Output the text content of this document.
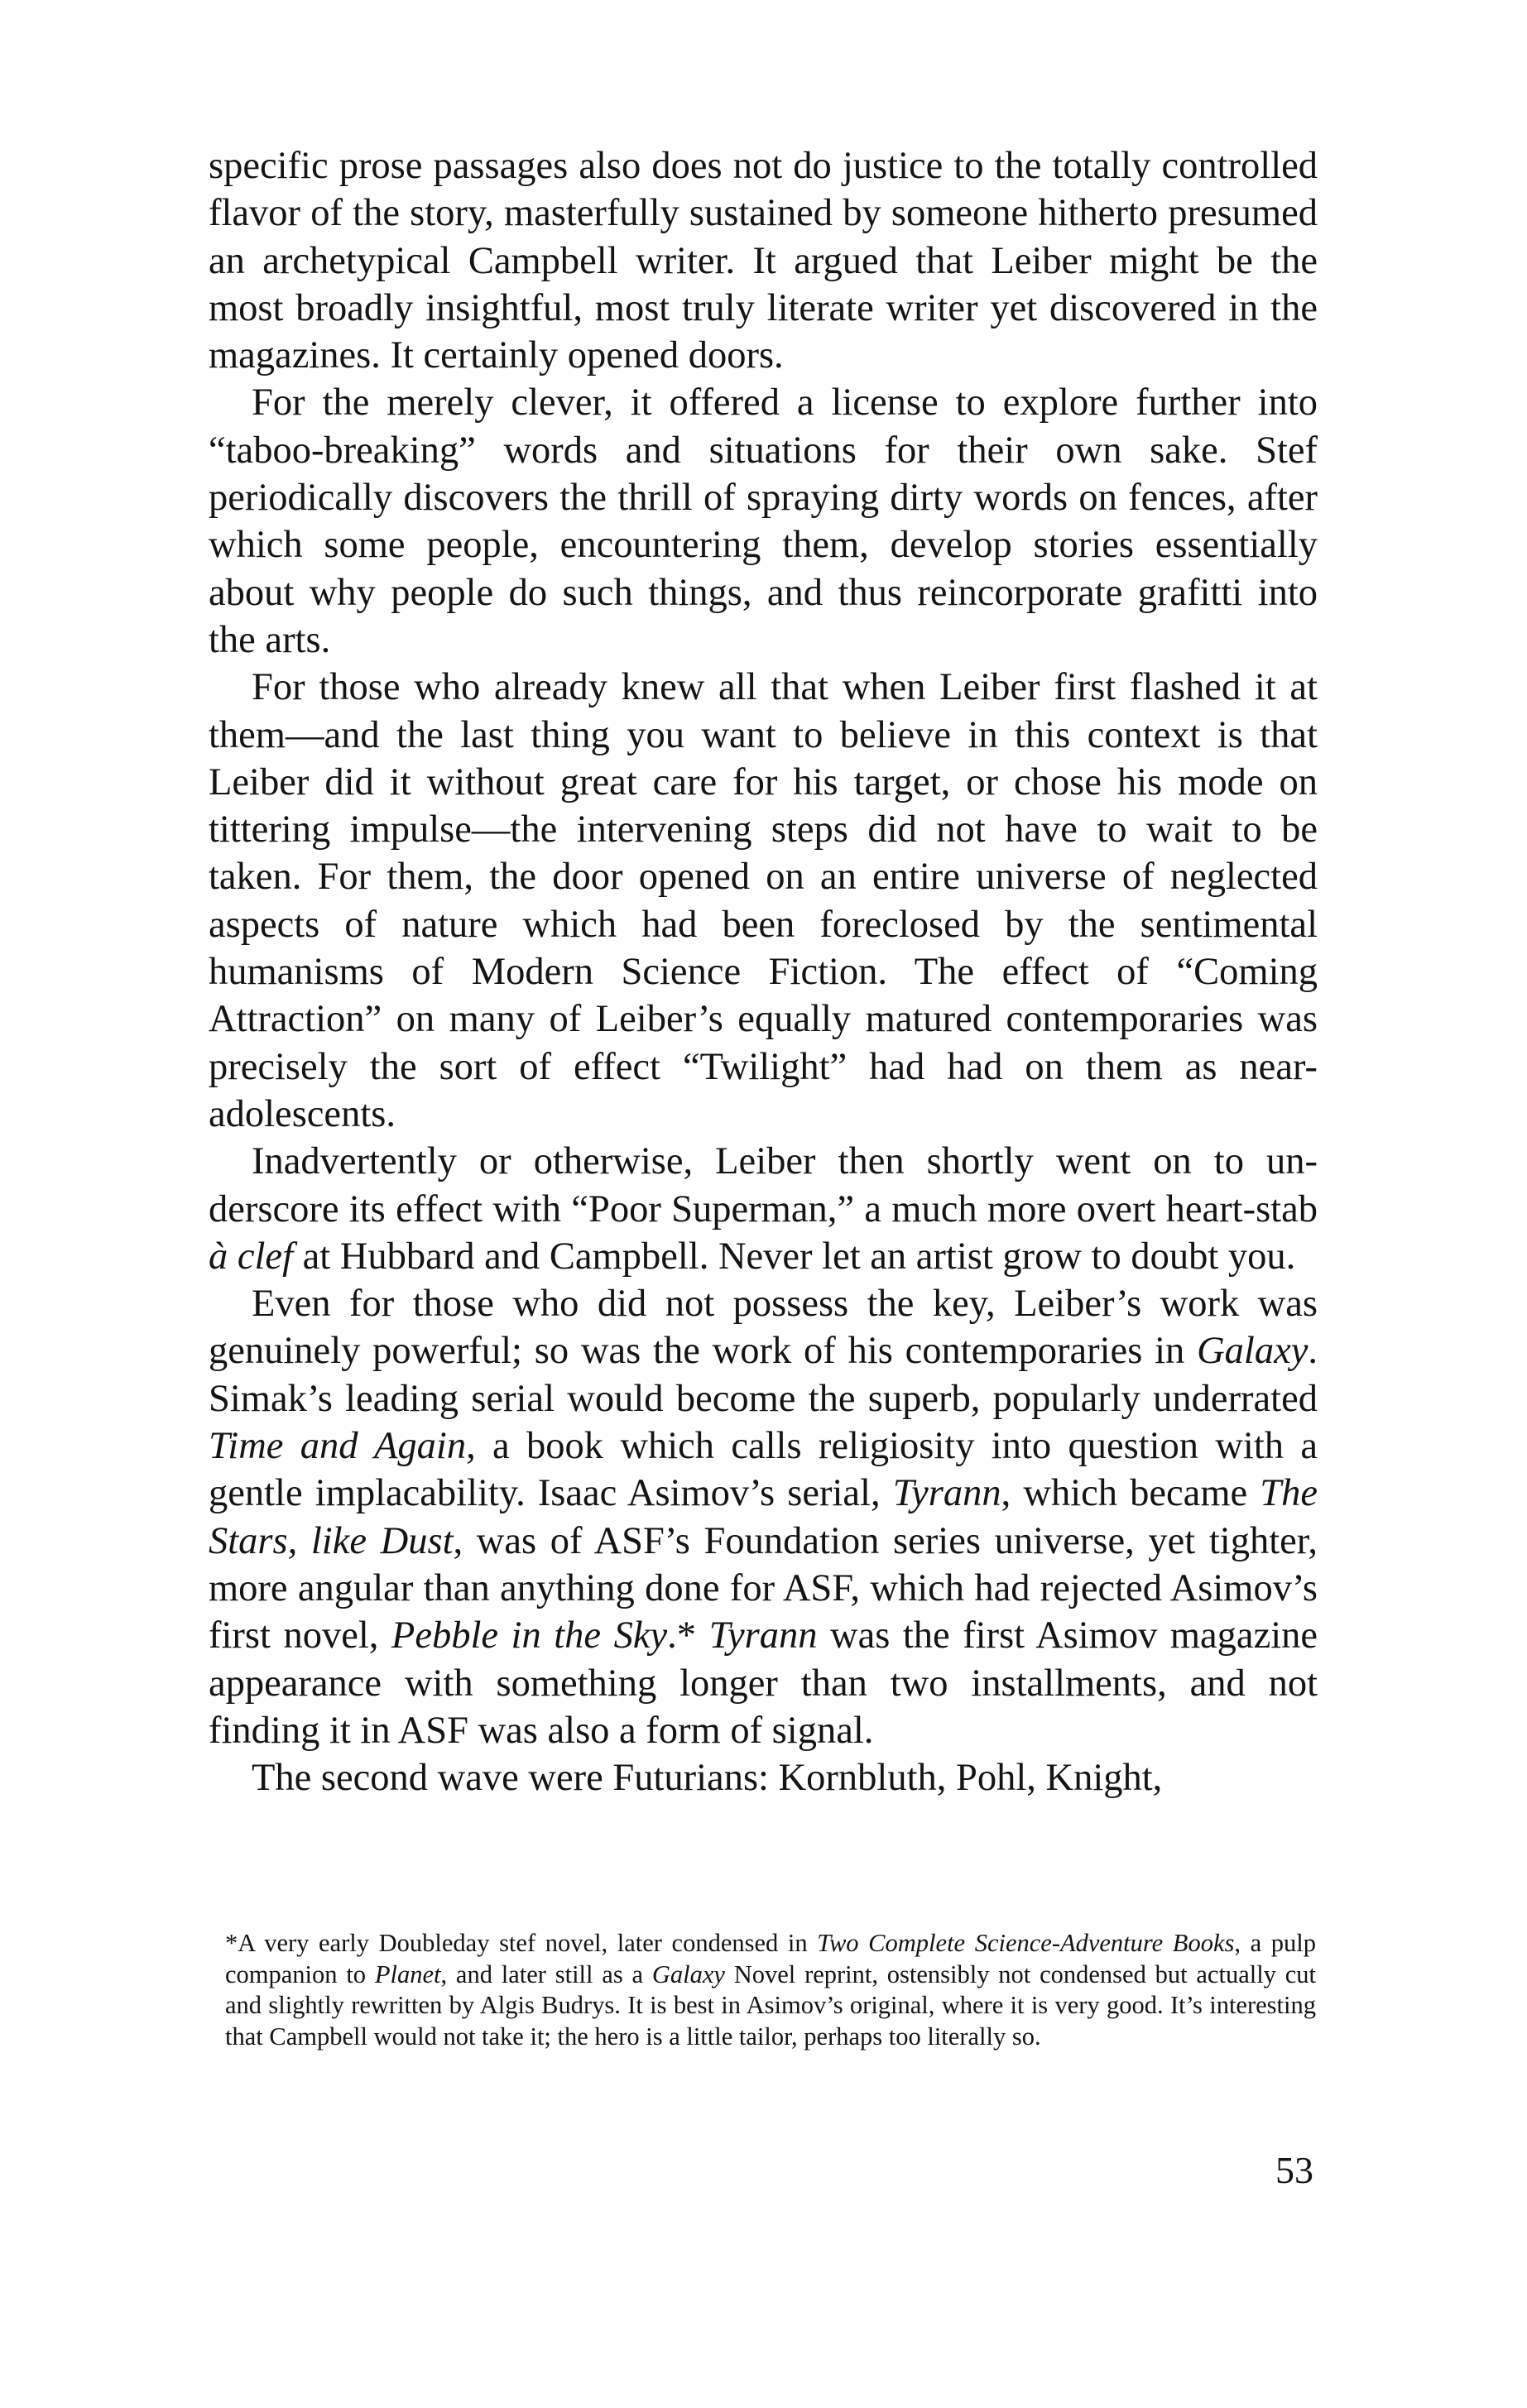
specific prose passages also does not do justice to the totally controlled flavor of the story, masterfully sustained by someone hitherto presumed an archetypical Campbell writer. It argued that Leiber might be the most broadly insightful, most truly literate writer yet discovered in the magazines. It certainly opened doors.

For the merely clever, it offered a license to explore further into “taboo-breaking” words and situations for their own sake. Stef periodically discovers the thrill of spraying dirty words on fences, after which some people, encountering them, develop stories essentially about why people do such things, and thus reincorporate grafitti into the arts.

For those who already knew all that when Leiber first flashed it at them—and the last thing you want to believe in this context is that Leiber did it without great care for his target, or chose his mode on tittering impulse—the intervening steps did not have to wait to be taken. For them, the door opened on an entire universe of neglected aspects of nature which had been foreclosed by the sentimental humanisms of Modern Science Fiction. The effect of “Coming Attraction” on many of Leiber’s equally matured contemporaries was precisely the sort of effect “Twilight” had had on them as near-adolescents.

Inadvertently or otherwise, Leiber then shortly went on to underscore its effect with “Poor Superman,” a much more overt heart-stab à clef at Hubbard and Campbell. Never let an artist grow to doubt you.

Even for those who did not possess the key, Leiber’s work was genuinely powerful; so was the work of his contemporaries in Galaxy. Simak’s leading serial would become the superb, popularly underrated Time and Again, a book which calls religiosity into question with a gentle implacability. Isaac Asimov’s serial, Tyrann, which became The Stars, like Dust, was of ASF’s Foundation series universe, yet tighter, more angular than anything done for ASF, which had rejected Asimov’s first novel, Pebble in the Sky.* Tyrann was the first Asimov magazine appearance with something longer than two installments, and not finding it in ASF was also a form of signal.

The second wave were Futurians: Kornbluth, Pohl, Knight,

*A very early Doubleday stef novel, later condensed in Two Complete Science-Adventure Books, a pulp companion to Planet, and later still as a Galaxy Novel reprint, ostensibly not condensed but actually cut and slightly rewritten by Algis Budrys. It is best in Asimov’s original, where it is very good. It’s interesting that Campbell would not take it; the hero is a little tailor, perhaps too literally so.

53
